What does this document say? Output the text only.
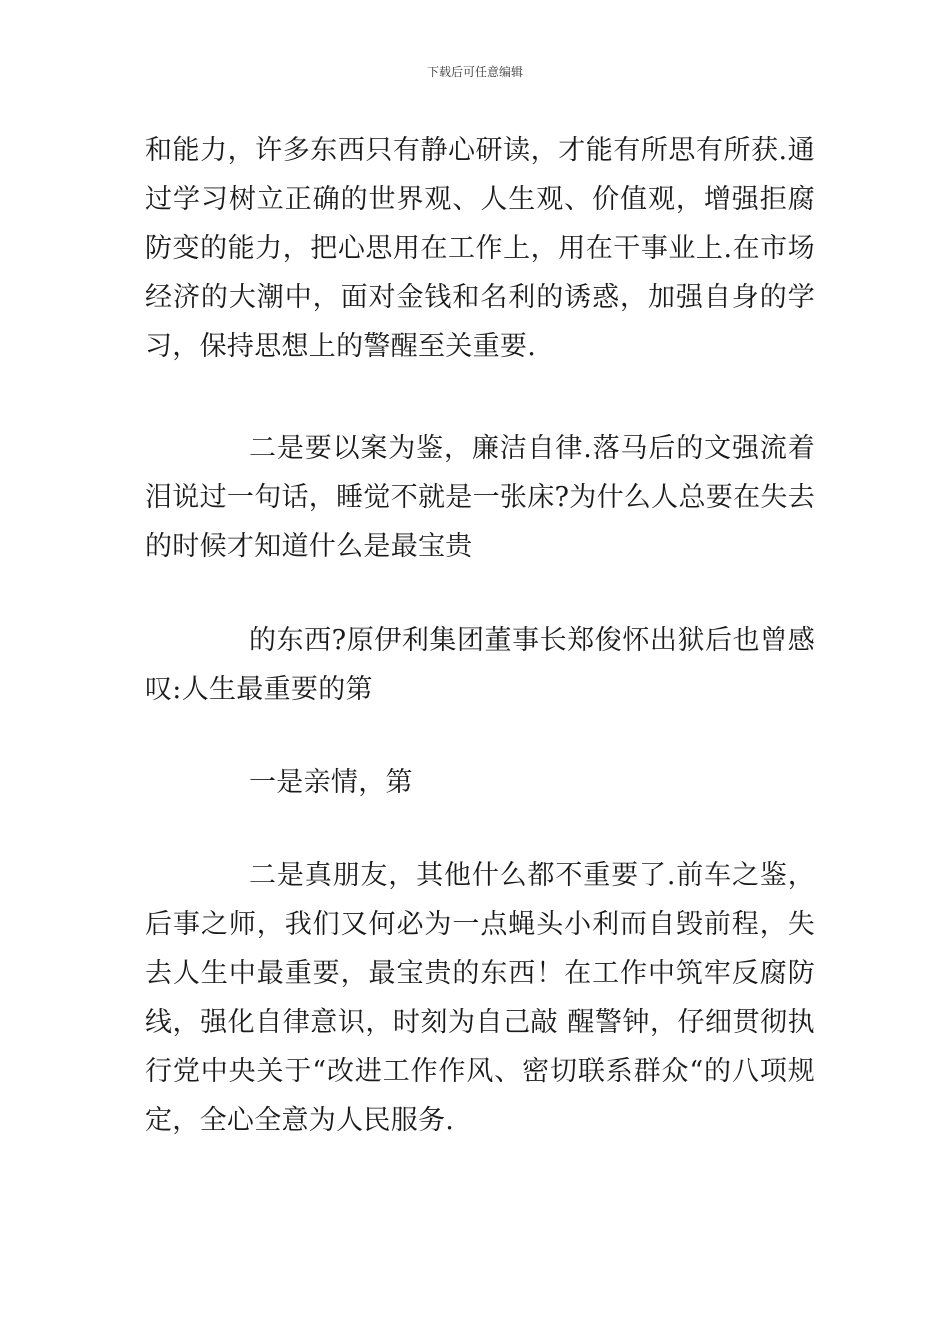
下载后可任意编辑

和能力，许多东西只有静心研读，才能有所思有所获.通过学习树立正确的世界观、人生观、价值观，增强拒腐防变的能力，把心思用在工作上，用在干事业上.在市场经济的大潮中，面对金钱和名利的诱惑，加强自身的学习，保持思想上的警醒至关重要.

二是要以案为鉴，廉洁自律.落马后的文强流着泪说过一句话，睡觉不就是一张床?为什么人总要在失去的时候才知道什么是最宝贵

的东西?原伊利集团董事长郑俊怀出狱后也曾感叹:人生最重要的第

一是亲情，第

二是真朋友，其他什么都不重要了.前车之鉴，后事之师，我们又何必为一点蝇头小利而自毁前程，失去人生中最重要，最宝贵的东西！在工作中筑牢反腐防线，强化自律意识，时刻为自己敲 醒警钟，仔细贯彻执行党中央关于“改进工作作风、密切联系群众“的八项规定，全心全意为人民服务.
